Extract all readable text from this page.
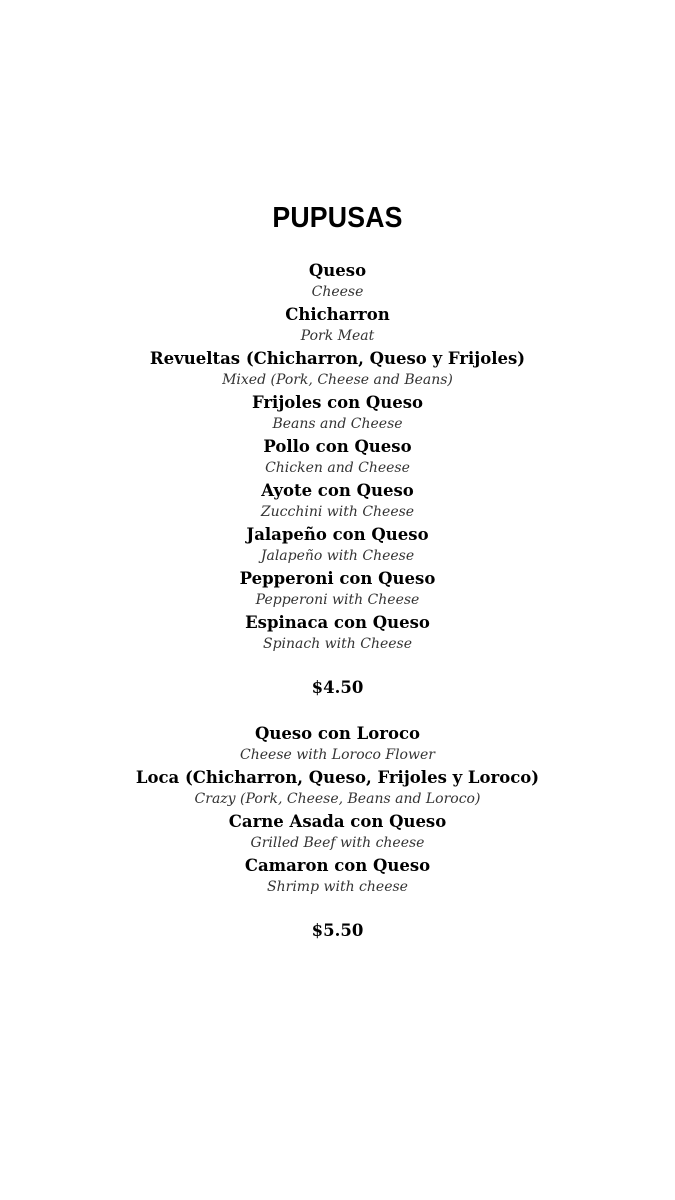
PUPUSAS
Queso
Cheese
Chicharron
Pork Meat
Revueltas (Chicharron, Queso y Frijoles)
Mixed (Pork, Cheese and Beans)
Frijoles con Queso
Beans and Cheese
Pollo con Queso
Chicken and Cheese
Ayote con Queso
Zucchini with Cheese
Jalapeño con Queso
Jalapeño with Cheese
Pepperoni con Queso
Pepperoni with Cheese
Espinaca con Queso
Spinach with Cheese
$4.50
Queso con Loroco
Cheese with Loroco Flower
Loca (Chicharron, Queso, Frijoles y Loroco)
Crazy (Pork, Cheese, Beans and Loroco)
Carne Asada con Queso
Grilled Beef with cheese
Camaron con Queso
Shrimp with cheese
$5.50
